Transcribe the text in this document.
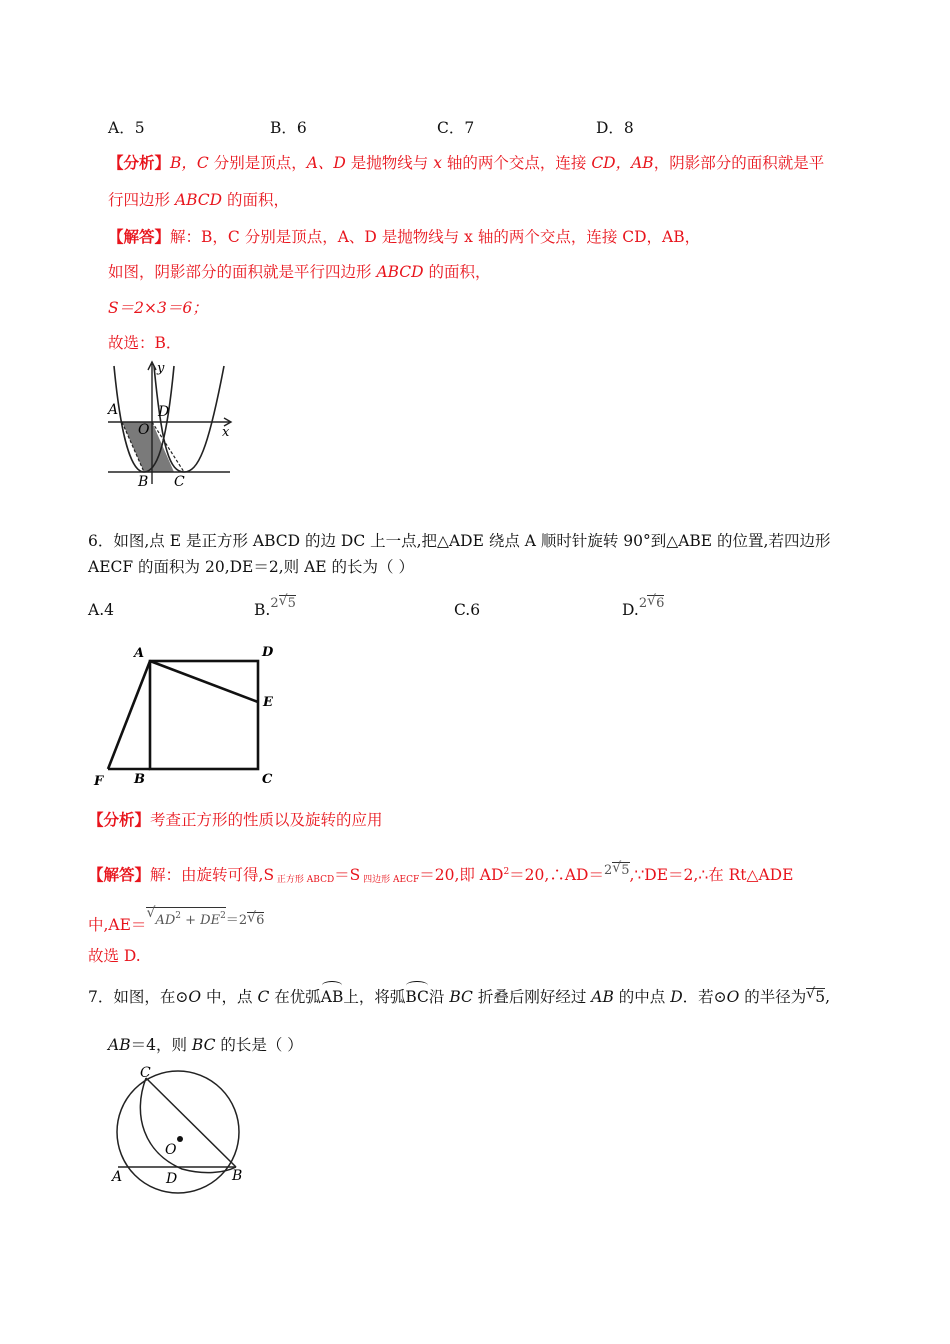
A．5	B．6	C．7	D．8
【分析】B，C 分别是顶点，A、D 是抛物线与 x 轴的两个交点，连接 CD，AB，阴影部分的面积就是平
行四边形 ABCD 的面积，
【解答】解：B，C 分别是顶点，A、D 是抛物线与 x 轴的两个交点，连接 CD，AB，
如图，阴影部分的面积就是平行四边形 ABCD 的面积，
S＝2×3＝6；
故选：B．
A
O
D
y
x
B C
6．如图,点 E 是正方形 ABCD 的边 DC 上一点,把△ADE 绕点 A 顺时针旋转 90°到△ABE 的位置,若四边形
AECF 的面积为 20,DE＝2,则 AE 的长为（ ）
A.4	B.$^2$√ 5	C.6	D.$^2$√ 6
A	D
E
F B	C
【分析】考查正方形的性质以及旋转的应用
【解答】解：由旋转可得,S $_{正方形 ABCD}$＝S $_{四边形 AECF}$＝20,即 $AD^2=20,\therefore AD=^2√$ 5,∵DE＝2,∴在 Rt△ADE
中,AE＝√ $AD^2 + DE^{2=2}√$ 6
故选 D.
7．如图，在⊙O 中，点 C 在优弧AB上，将弧BC沿 BC 折叠后刚好经过 AB 的中点 D．若⊙O 的半径为√ 5,
AB＝4，则 BC 的长是（ ）
C
O
A	D	B
